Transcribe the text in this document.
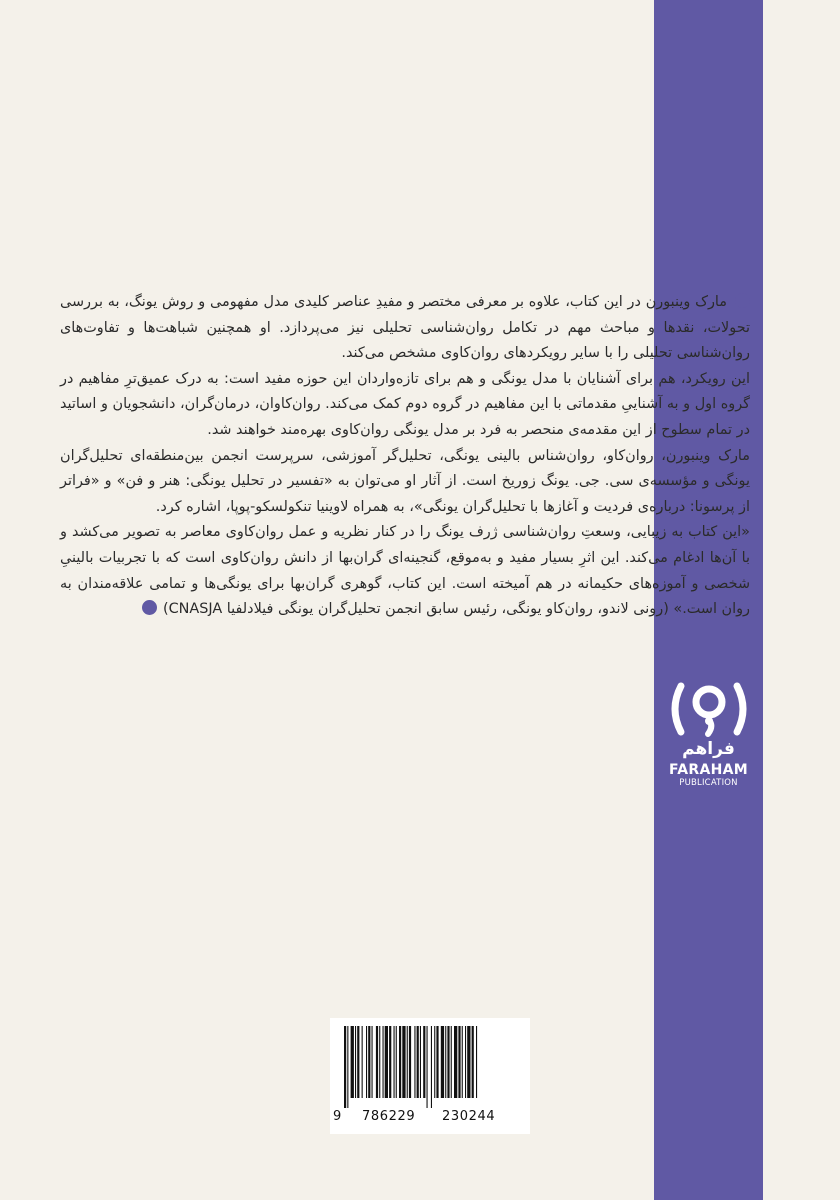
فراهم
FARAHAM
PUBLICATION

مارک وینبورن در این کتاب، علاوه بر معرفی مختصر و مفیدِ عناصر کلیدی مدل مفهومی و روش یونگ، به بررسی تحولات، نقدها و مباحث مهم در تکامل روان‌شناسی تحلیلی نیز می‌پردازد. او همچنین شباهت‌ها و تفاوت‌های روان‌شناسی تحلیلی را با سایر رویکردهای روان‌کاوی مشخص می‌کند.

این رویکرد، هم برای آشنایان با مدل یونگی و هم برای تازه‌واردان این حوزه مفید است: به درک عمیق‌ترِ مفاهیم در گروه اول و به آشناییِ مقدماتی با این مفاهیم در گروه دوم کمک می‌کند. روان‌کاوان، درمان‌گران، دانشجویان و اساتید در تمام سطوح از این مقدمه‌ی منحصر به فرد بر مدل یونگی روان‌کاوی بهره‌مند خواهند شد.

مارک وینبورن، روان‌کاو، روان‌شناس بالینی یونگی، تحلیل‌گر آموزشی، سرپرست انجمن بین‌منطقه‌ای تحلیل‌گران یونگی و مؤسسه‌ی سی. جی. یونگ زوریخ است. از آثار او می‌توان به «تفسیر در تحلیل یونگی: هنر و فن» و «فراتر از پرسونا: درباره‌ی فردیت و آغازها با تحلیل‌گران یونگی»، به همراه لاوینیا تنکولسکو-پوپا، اشاره کرد.

«این کتاب به زیبایی، وسعتِ روان‌شناسی ژرف یونگ را در کنار نظریه و عمل روان‌کاوی معاصر به تصویر می‌کشد و با آن‌ها ادغام می‌کند. این اثرِ بسیار مفید و به‌موقع، گنجینه‌ای گران‌بها از دانش روان‌کاوی است که با تجربیات بالینیِ شخصی و آموزه‌های حکیمانه در هم آمیخته است. این کتاب، گوهری گران‌بها برای یونگی‌ها و تمامی علاقه‌مندان به روان است.» (رونی لاندو، روان‌کاو یونگی، رئیس سابق انجمن تحلیل‌گران یونگی فیلادلفیا CNASJA)

9 786229 230244
